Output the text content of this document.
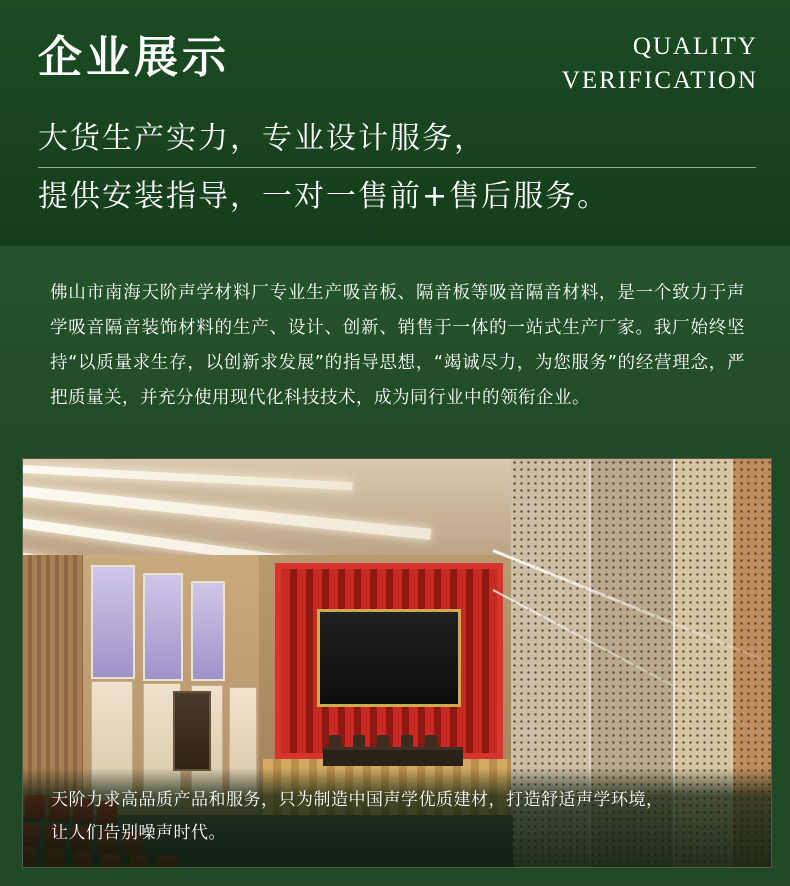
企业展示	QUALITY
VERIFICATION
大货生产实力，专业设计服务，
提供安装指导，一对一售前+售后服务。
佛山市南海天阶声学材料厂专业生产吸音板、隔音板等吸音隔音材料，是一个致力于声学吸音隔音装饰材料的生产、设计、创新、销售于一体的一站式生产厂家。我厂始终坚持“以质量求生存，以创新求发展”的指导思想，“竭诚尽力，为您服务”的经营理念，严把质量关，并充分使用现代化科技技术，成为同行业中的领衔企业。
天阶力求高品质产品和服务，只为制造中国声学优质建材，打造舒适声学环境，
让人们告别噪声时代。
